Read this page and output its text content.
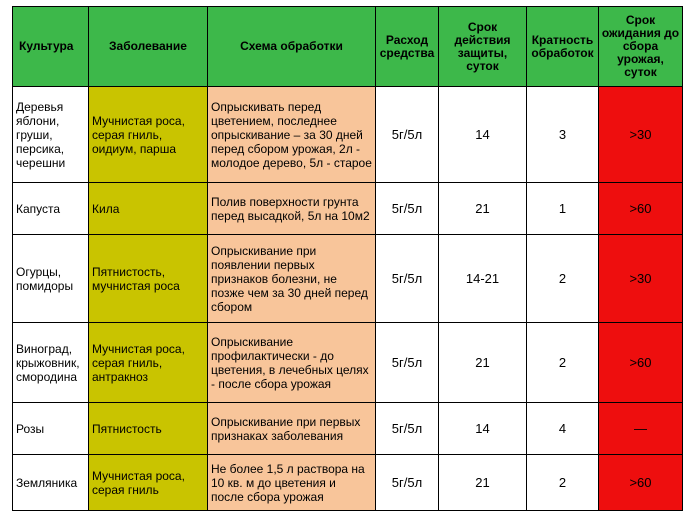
Культура	Заболевание	Схема обработки	Расход средства	Срок действия защиты, суток	Кратность обработок	Срок ожидания до сбора урожая, суток
Деревья яблони, груши, персика, черешни	Мучнистая роса, серая гниль, оидиум, парша	Опрыскивать перед цветением, последнее опрыскивание – за 30 дней перед сбором урожая, 2л - молодое дерево, 5л - старое	5г/5л	14	3	>30
Капуста	Кила	Полив поверхности грунта перед высадкой, 5л на 10м2	5г/5л	21	1	>60
Огурцы, помидоры	Пятнистость, мучнистая роса	Опрыскивание при появлении первых признаков болезни, не позже чем за 30 дней перед сбором	5г/5л	14-21	2	>30
Виноград, крыжовник, смородина	Мучнистая роса, серая гниль, антракноз	Опрыскивание профилактически - до цветения, в лечебных целях - после сбора урожая	5г/5л	21	2	>60
Розы	Пятнистость	Опрыскивание при первых признаках заболевания	5г/5л	14	4	—
Земляника	Мучнистая роса, серая гниль	Не более 1,5 л раствора на 10 кв. м до цветения и после сбора урожая	5г/5л	21	2	>60
